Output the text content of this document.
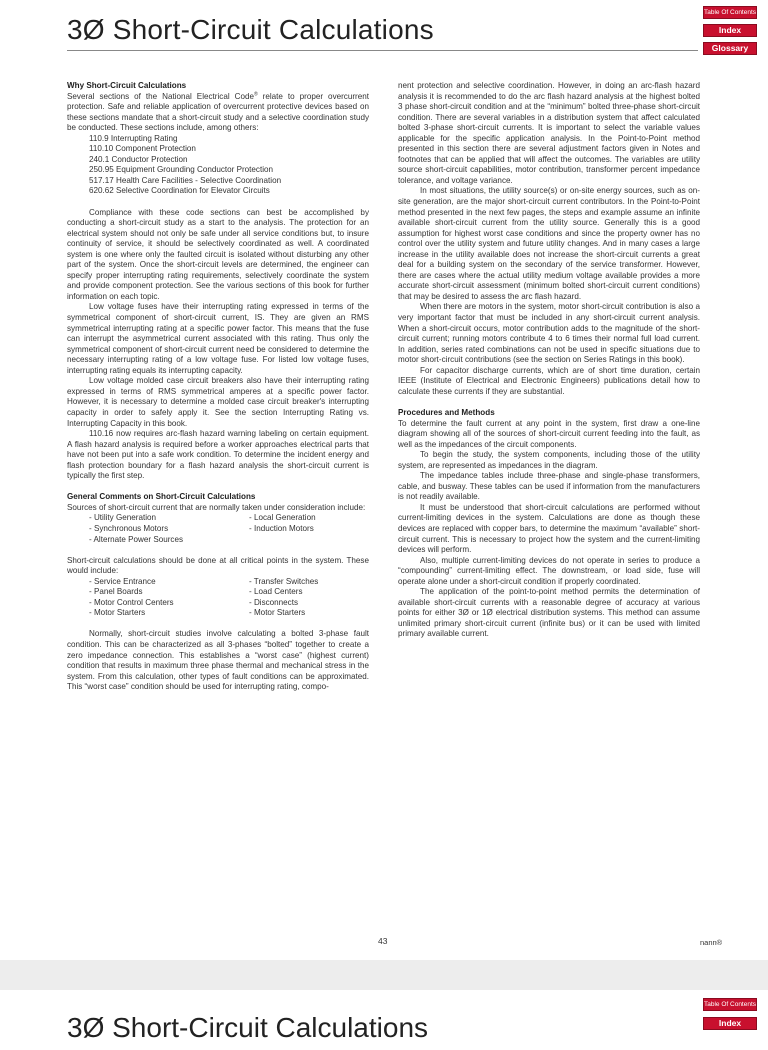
3Ø Short-Circuit Calculations
Table Of Contents
Index
Glossary
Why Short-Circuit Calculations

Several sections of the National Electrical Code® relate to proper overcurrent protection. Safe and reliable application of overcurrent protective devices based on these sections mandate that a short-circuit study and a selective coordination study be conducted. These sections include, among others:

110.9 Interrupting Rating
110.10 Component Protection
240.1 Conductor Protection
250.95 Equipment Grounding Conductor Protection
517.17 Health Care Facilities - Selective Coordination
620.62 Selective Coordination for Elevator Circuits

Compliance with these code sections can best be accomplished by conducting a short-circuit study as a start to the analysis. The protection for an electrical system should not only be safe under all service conditions but, to insure continuity of service, it should be selectively coordinated as well. A coordinated system is one where only the faulted circuit is isolated without disturbing any other part of the system. Once the short-circuit levels are determined, the engineer can specify proper interrupting rating requirements, selectively coordinate the system and provide component protection. See the various sections of this book for further information on each topic.

Low voltage fuses have their interrupting rating expressed in terms of the symmetrical component of short-circuit current, IS. They are given an RMS symmetrical interrupting rating at a specific power factor. This means that the fuse can interrupt the asymmetrical current associated with this rating. Thus only the symmetrical component of short-circuit current need be considered to determine the necessary interrupting rating of a low voltage fuse. For listed low voltage fuses, interrupting rating equals its interrupting capacity.

Low voltage molded case circuit breakers also have their interrupting rating expressed in terms of RMS symmetrical amperes at a specific power factor. However, it is necessary to determine a molded case circuit breaker's interrupting capacity in order to safely apply it. See the section Interrupting Rating vs. Interrupting Capacity in this book.

110.16 now requires arc-flash hazard warning labeling on certain equipment. A flash hazard analysis is required before a worker approaches electrical parts that have not been put into a safe work condition. To determine the incident energy and flash protection boundary for a flash hazard analysis the short-circuit current is typically the first step.

General Comments on Short-Circuit Calculations

Sources of short-circuit current that are normally taken under consideration include:

- Utility Generation	- Local Generation
- Synchronous Motors	- Induction Motors
- Alternate Power Sources

Short-circuit calculations should be done at all critical points in the system. These would include:

- Service Entrance	- Transfer Switches
- Panel Boards	- Load Centers
- Motor Control Centers	- Disconnects
- Motor Starters	- Motor Starters

Normally, short-circuit studies involve calculating a bolted 3-phase fault condition. This can be characterized as all 3-phases “bolted” together to create a zero impedance connection. This establishes a “worst case” (highest current) condition that results in maximum three phase thermal and mechanical stress in the system. From this calculation, other types of fault conditions can be approximated. This “worst case” condition should be used for interrupting rating, compo-

nent protection and selective coordination. However, in doing an arc-flash hazard analysis it is recommended to do the arc flash hazard analysis at the highest bolted 3 phase short-circuit condition and at the “minimum” bolted three-phase short-circuit condition. There are several variables in a distribution system that affect calculated bolted 3-phase short-circuit currents. It is important to select the variable values applicable for the specific application analysis. In the Point-to-Point method presented in this section there are several adjustment factors given in Notes and footnotes that can be applied that will affect the outcomes. The variables are utility source short-circuit capabilities, motor contribution, transformer percent impedance tolerance, and voltage variance.

In most situations, the utility source(s) or on-site energy sources, such as on-site generation, are the major short-circuit current contributors. In the Point-to-Point method presented in the next few pages, the steps and example assume an infinite available short-circuit current from the utility source. Generally this is a good assumption for highest worst case conditions and since the property owner has no control over the utility system and future utility changes. And in many cases a large increase in the utility available does not increase the short-circuit currents a great deal for a building system on the secondary of the service transformer. However, there are cases where the actual utility medium voltage available provides a more accurate short-circuit assessment (minimum bolted short-circuit current conditions) that may be desired to assess the arc flash hazard.

When there are motors in the system, motor short-circuit contribution is also a very important factor that must be included in any short-circuit current analysis. When a short-circuit occurs, motor contribution adds to the magnitude of the short-circuit current; running motors contribute 4 to 6 times their normal full load current. In addition, series rated combinations can not be used in specific situations due to motor short-circuit contributions (see the section on Series Ratings in this book).

For capacitor discharge currents, which are of short time duration, certain IEEE (Institute of Electrical and Electronic Engineers) publications detail how to calculate these currents if they are substantial.

Procedures and Methods

To determine the fault current at any point in the system, first draw a one-line diagram showing all of the sources of short-circuit current feeding into the fault, as well as the impedances of the circuit components.

To begin the study, the system components, including those of the utility system, are represented as impedances in the diagram.

The impedance tables include three-phase and single-phase transformers, cable, and busway. These tables can be used if information from the manufacturers is not readily available.

It must be understood that short-circuit calculations are performed without current-limiting devices in the system. Calculations are done as though these devices are replaced with copper bars, to determine the maximum “available” short-circuit current. This is necessary to project how the system and the current-limiting devices will perform.

Also, multiple current-limiting devices do not operate in series to produce a “compounding” current-limiting effect. The downstream, or load side, fuse will operate alone under a short-circuit condition if properly coordinated.

The application of the point-to-point method permits the determination of available short-circuit currents with a reasonable degree of accuracy at various points for either 3Ø or 1Ø electrical distribution systems. This method can assume unlimited primary short-circuit current (infinite bus) or it can be used with limited primary available current.

43	nann®
Table Of Contents
Index
3Ø Short-Circuit Calculations
